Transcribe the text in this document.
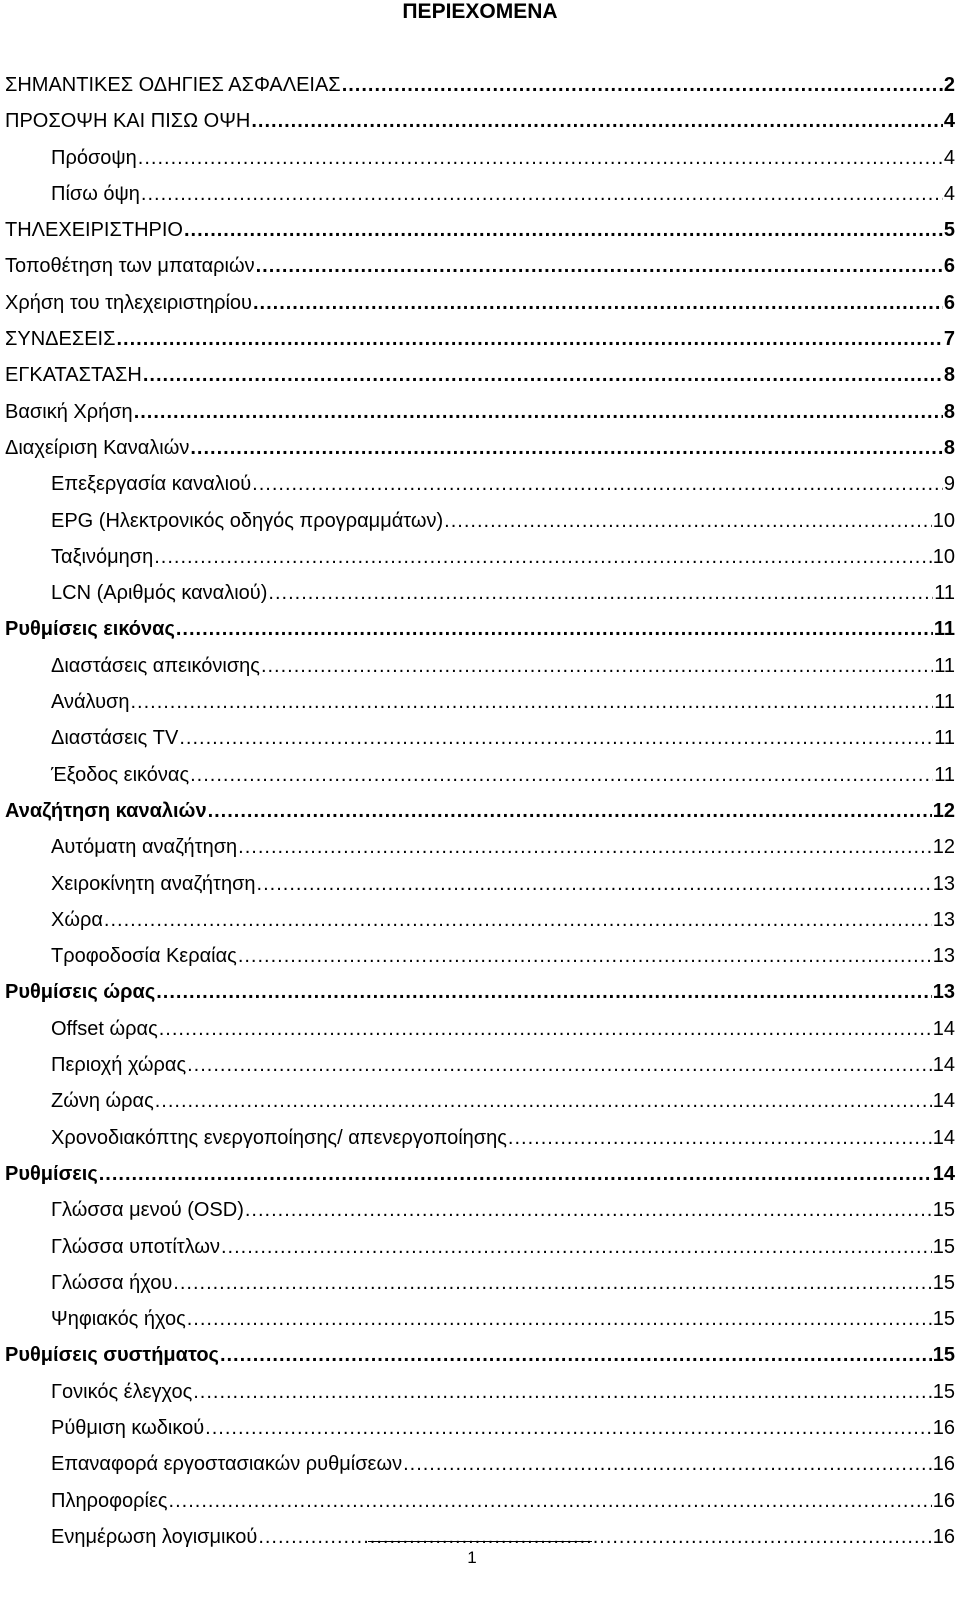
ΠΕΡΙΕΧΟΜΕΝΑ
ΣΗΜΑΝΤΙΚΕΣ ΟΔΗΓΙΕΣ ΑΣΦΑΛΕΙΑΣ .....	2
ΠΡΟΣΟΨΗ ΚΑΙ ΠΙΣΩ ΟΨΗ .....	4
Πρόσοψη .....	4
Πίσω όψη .....	4
ΤΗΛΕΧΕΙΡΙΣΤΗΡΙΟ .....	5
Τοποθέτηση των μπαταριών .....	6
Χρήση του τηλεχειριστηρίου .....	6
ΣΥΝΔΕΣΕΙΣ .....	7
ΕΓΚΑΤΑΣΤΑΣΗ .....	8
Βασική Χρήση .....	8
Διαχείριση Καναλιών .....	8
Επεξεργασία καναλιού .....	9
EPG (Ηλεκτρονικός οδηγός προγραμμάτων) .....	10
Ταξινόμηση .....	10
LCN (Αριθμός καναλιού) .....	11
Ρυθμίσεις εικόνας .....	11
Διαστάσεις απεικόνισης .....	11
Ανάλυση .....	11
Διαστάσεις TV .....	11
Έξοδος εικόνας .....	11
Αναζήτηση καναλιών .....	12
Αυτόματη αναζήτηση .....	12
Χειροκίνητη αναζήτηση .....	13
Χώρα .....	13
Τροφοδοσία Κεραίας .....	13
Ρυθμίσεις ώρας .....	13
Offset ώρας .....	14
Περιοχή χώρας .....	14
Ζώνη ώρας .....	14
Χρονοδιακόπτης ενεργοποίησης/ απενεργοποίησης .....	14
Ρυθμίσεις .....	14
Γλώσσα μενού (OSD) .....	15
Γλώσσα υποτίτλων .....	15
Γλώσσα ήχου .....	15
Ψηφιακός ήχος .....	15
Ρυθμίσεις συστήματος .....	15
Γονικός έλεγχος .....	15
Ρύθμιση κωδικού .....	16
Επαναφορά εργοστασιακών ρυθμίσεων .....	16
Πληροφορίες .....	16
Ενημέρωση λογισμικού .....	16
1
